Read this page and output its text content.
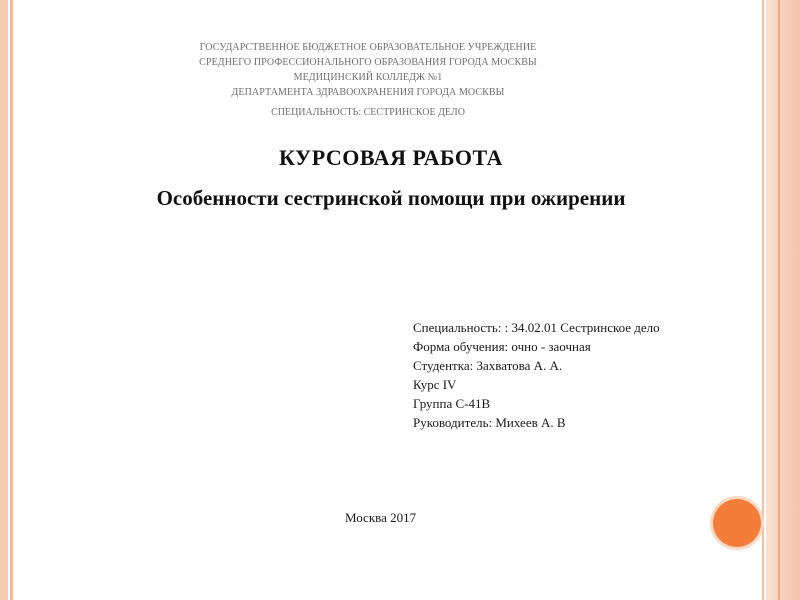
ГОСУДАРСТВЕННОЕ БЮДЖЕТНОЕ ОБРАЗОВАТЕЛЬНОЕ УЧРЕЖДЕНИЕ
СРЕДНЕГО ПРОФЕССИОНАЛЬНОГО ОБРАЗОВАНИЯ ГОРОДА МОСКВЫ
МЕДИЦИНСКИЙ КОЛЛЕДЖ №1
ДЕПАРТАМЕНТА ЗДРАВООХРАНЕНИЯ ГОРОДА МОСКВЫ
СПЕЦИАЛЬНОСТЬ: СЕСТРИНСКОЕ ДЕЛО
КУРСОВАЯ РАБОТА
Особенности сестринской помощи при ожирении
Специальность: : 34.02.01 Сестринское дело
Форма обучения: очно - заочная
Студентка: Захватова А. А.
Курс IV
Группа С-41В
Руководитель: Михеев А. В
Москва 2017
